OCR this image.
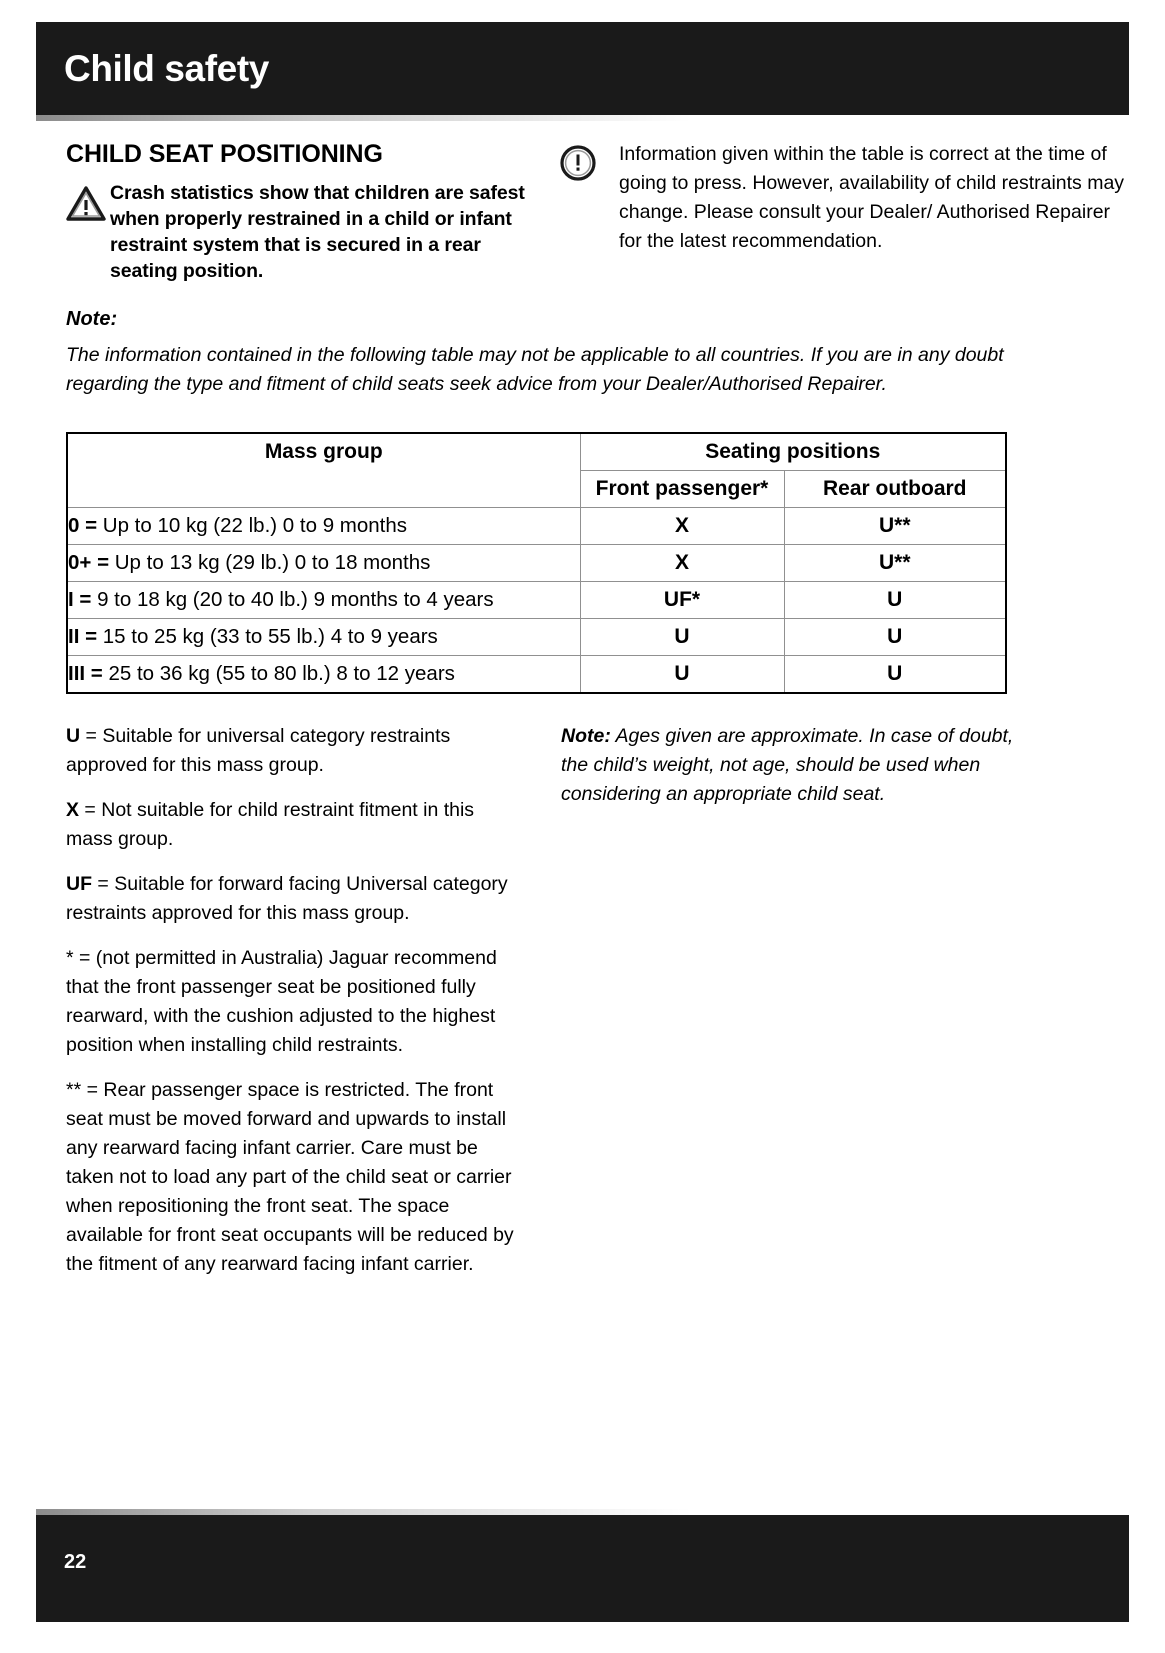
Child safety
CHILD SEAT POSITIONING
Crash statistics show that children are safest when properly restrained in a child or infant restraint system that is secured in a rear seating position.
Information given within the table is correct at the time of going to press. However, availability of child restraints may change. Please consult your Dealer/ Authorised Repairer for the latest recommendation.
Note:
The information contained in the following table may not be applicable to all countries. If you are in any doubt regarding the type and fitment of child seats seek advice from your Dealer/Authorised Repairer.
Mass group	Seating positions	
	Front passenger*	Rear outboard
0 = Up to 10 kg (22 lb.) 0 to 9 months	X	U**
0+ = Up to 13 kg (29 lb.) 0 to 18 months	X	U**
I = 9 to 18 kg (20 to 40 lb.) 9 months to 4 years	UF*	U
II = 15 to 25 kg (33 to 55 lb.) 4 to 9 years	U	U
III = 25 to 36 kg (55 to 80 lb.) 8 to 12 years	U	U

U = Suitable for universal category restraints approved for this mass group.

X = Not suitable for child restraint fitment in this mass group.

UF = Suitable for forward facing Universal category restraints approved for this mass group.

* = (not permitted in Australia) Jaguar recommend that the front passenger seat be positioned fully rearward, with the cushion adjusted to the highest position when installing child restraints.

** = Rear passenger space is restricted. The front seat must be moved forward and upwards to install any rearward facing infant carrier. Care must be taken not to load any part of the child seat or carrier when repositioning the front seat. The space available for front seat occupants will be reduced by the fitment of any rearward facing infant carrier.

Note: Ages given are approximate. In case of doubt, the child’s weight, not age, should be used when considering an appropriate child seat.

22
